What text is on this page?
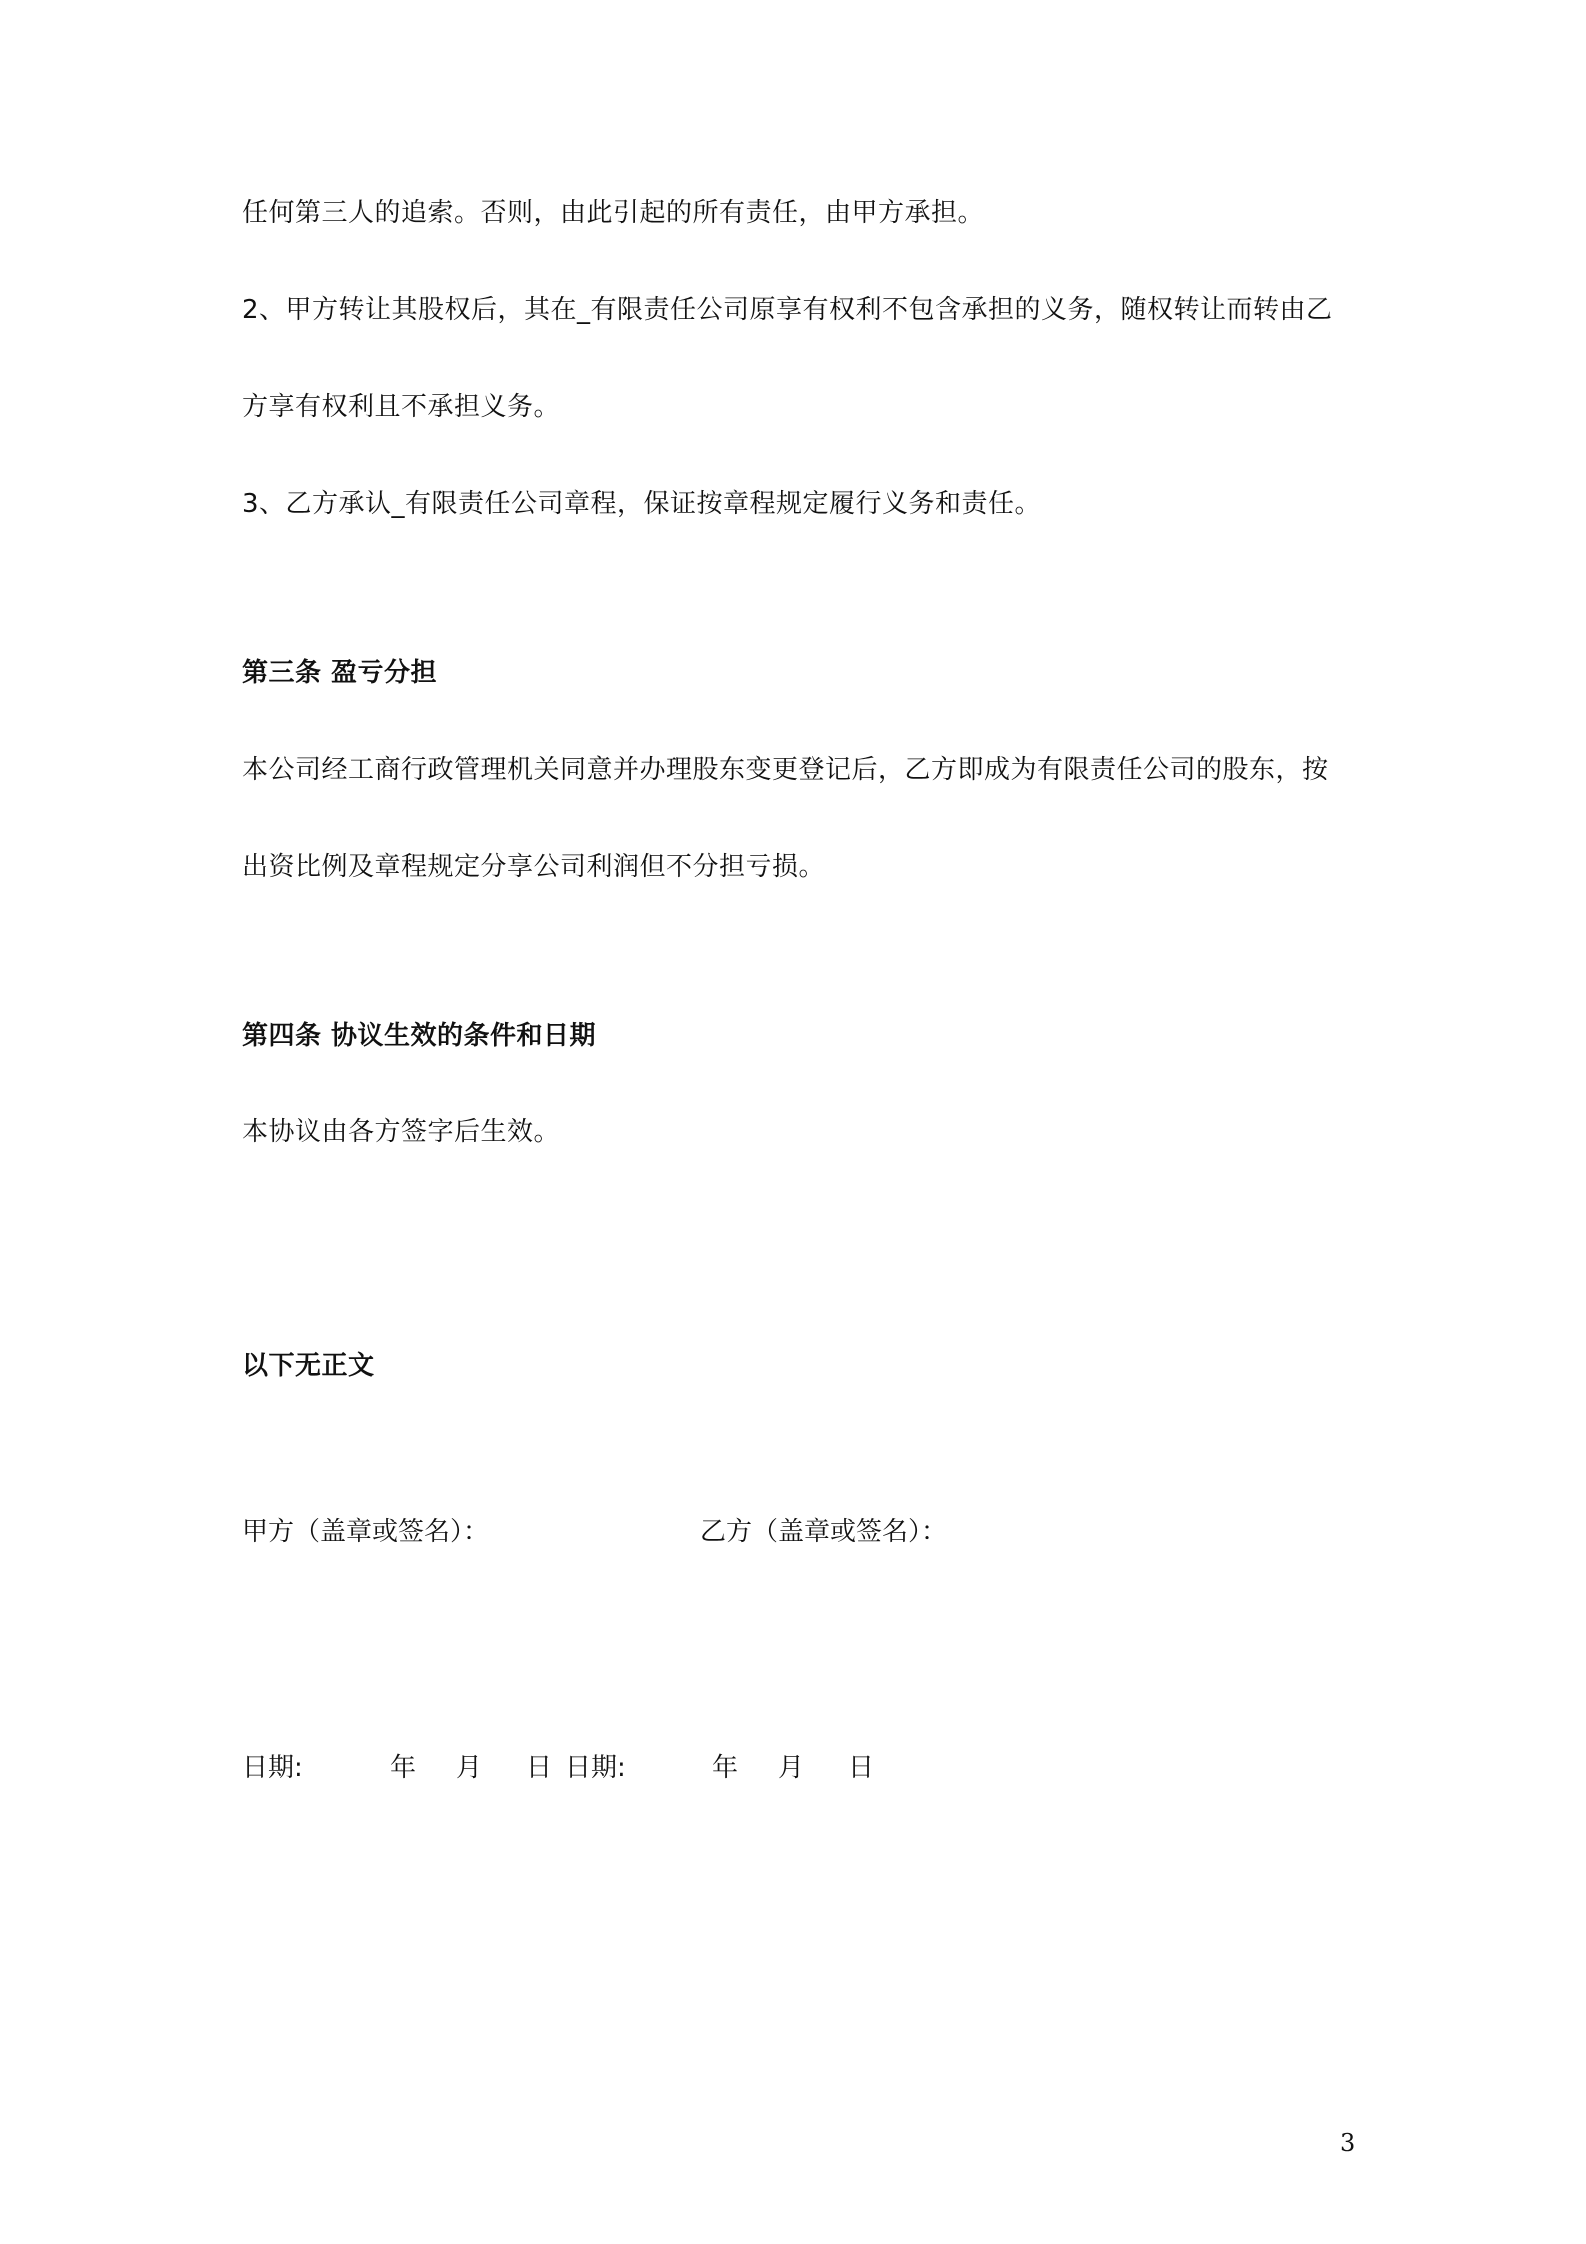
任何第三人的追索。否则，由此引起的所有责任，由甲方承担。
2、甲方转让其股权后，其在_有限责任公司原享有权利不包含承担的义务，随权转让而转由乙
方享有权利且不承担义务。
3、乙方承认_有限责任公司章程，保证按章程规定履行义务和责任。
第三条 盈亏分担
本公司经工商行政管理机关同意并办理股东变更登记后，乙方即成为有限责任公司的股东，按
出资比例及章程规定分享公司利润但不分担亏损。
第四条 协议生效的条件和日期
本协议由各方签字后生效。
以下无正文
甲方（盖章或签名）：	乙方（盖章或签名）：
日期:	年 月 日 日期:	年 月 日
3
